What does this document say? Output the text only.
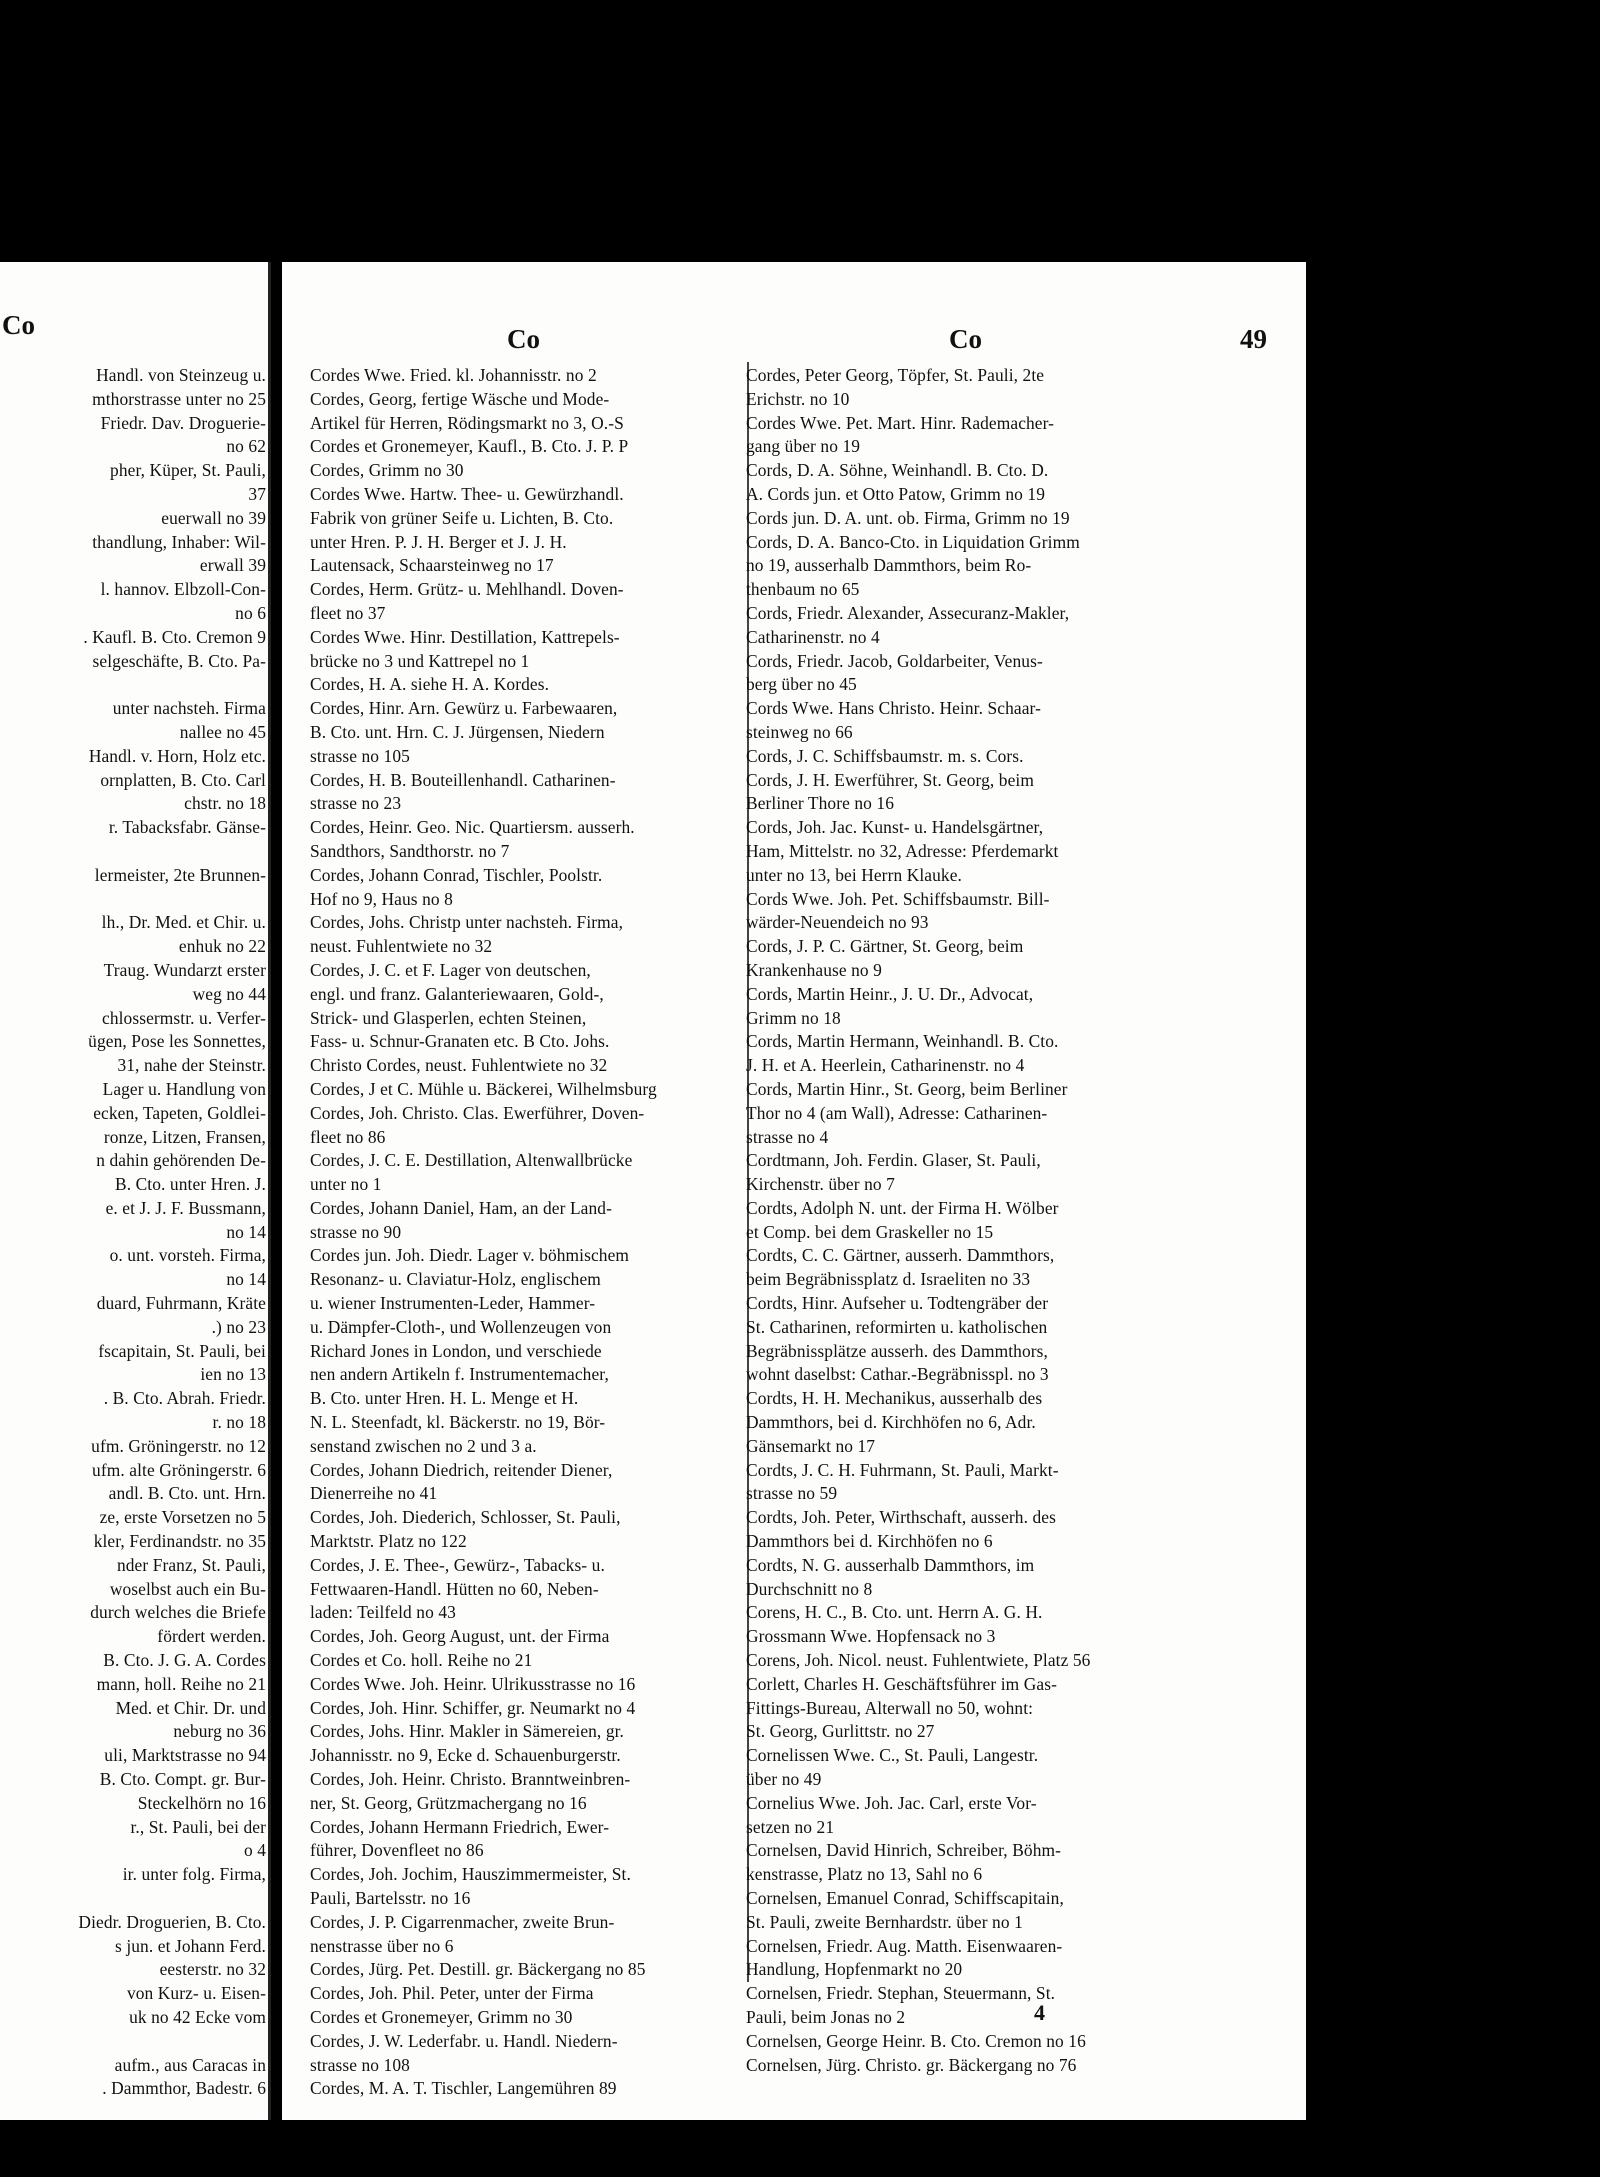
Co
Handl. von Steinzeug u.
mthorstrasse unter no 25
Friedr. Dav. Droguerie-
no 62
pher, Küper, St. Pauli,
37
euerwall no 39
thandlung, Inhaber: Wil-
erwall 39
l. hannov. Elbzoll-Con-
no 6
. Kaufl. B. Cto. Cremon 9
selgeschäfte, B. Cto. Pa-
unter nachsteh. Firma
nallee no 45
Handl. v. Horn, Holz etc.
ornplatten, B. Cto. Carl
chstr. no 18
r. Tabacksfabr. Gänse-
lermeister, 2te Brunnen-
lh., Dr. Med. et Chir. u.
enhuk no 22
Traug. Wundarzt erster
weg no 44
chlossermstr. u. Verfer-
ügen, Pose les Sonnettes,
31, nahe der Steinstr.
Lager u. Handlung von
ecken, Tapeten, Goldlei-
ronze, Litzen, Fransen,
n dahin gehörenden De-
B. Cto. unter Hren. J.
e. et J. J. F. Bussmann,
no 14
o. unt. vorsteh. Firma,
no 14
duard, Fuhrmann, Kräte
.) no 23
fscapitain, St. Pauli, bei
ien no 13
. B. Cto. Abrah. Friedr.
r. no 18
ufm. Gröningerstr. no 12
ufm. alte Gröningerstr. 6
andl. B. Cto. unt. Hrn.
ze, erste Vorsetzen no 5
kler, Ferdinandstr. no 35
nder Franz, St. Pauli,
woselbst auch ein Bu-
durch welches die Briefe
fördert werden.
B. Cto. J. G. A. Cordes
mann, holl. Reihe no 21
Med. et Chir. Dr. und
neburg no 36
uli, Marktstrasse no 94
B. Cto. Compt. gr. Bur-
Steckelhörn no 16
r., St. Pauli, bei der
o 4
ir. unter folg. Firma,
Diedr. Droguerien, B. Cto.
s jun. et Johann Ferd.
eesterstr. no 32
von Kurz- u. Eisen-
uk no 42 Ecke vom
aufm., aus Caracas in
. Dammthor, Badestr. 6
Co	Co	49
Cordes Wwe. Fried. kl. Johannisstr. no 2
Cordes, Georg, fertige Wäsche und Mode-
Artikel für Herren, Rödingsmarkt no 3, O.-S
Cordes et Gronemeyer, Kaufl., B. Cto. J. P. P
Cordes, Grimm no 30
Cordes Wwe. Hartw. Thee- u. Gewürzhandl.
Fabrik von grüner Seife u. Lichten, B. Cto.
unter Hren. P. J. H. Berger et J. J. H.
Lautensack, Schaarsteinweg no 17
Cordes, Herm. Grütz- u. Mehlhandl. Doven-
fleet no 37
Cordes Wwe. Hinr. Destillation, Kattrepels-
brücke no 3 und Kattrepel no 1
Cordes, H. A. siehe H. A. Kordes.
Cordes, Hinr. Arn. Gewürz u. Farbewaaren,
B. Cto. unt. Hrn. C. J. Jürgensen, Niedern
strasse no 105
Cordes, H. B. Bouteillenhandl. Catharinen-
strasse no 23
Cordes, Heinr. Geo. Nic. Quartiersm. ausserh.
Sandthors, Sandthorstr. no 7
Cordes, Johann Conrad, Tischler, Poolstr.
Hof no 9, Haus no 8
Cordes, Johs. Christp unter nachsteh. Firma,
neust. Fuhlentwiete no 32
Cordes, J. C. et F. Lager von deutschen,
engl. und franz. Galanteriewaaren, Gold-,
Strick- und Glasperlen, echten Steinen,
Fass- u. Schnur-Granaten etc. B Cto. Johs.
Christo Cordes, neust. Fuhlentwiete no 32
Cordes, J et C. Mühle u. Bäckerei, Wilhelmsburg
Cordes, Joh. Christo. Clas. Ewerführer, Doven-
fleet no 86
Cordes, J. C. E. Destillation, Altenwallbrücke
unter no 1
Cordes, Johann Daniel, Ham, an der Land-
strasse no 90
Cordes jun. Joh. Diedr. Lager v. böhmischem
Resonanz- u. Claviatur-Holz, englischem
u. wiener Instrumenten-Leder, Hammer-
u. Dämpfer-Cloth-, und Wollenzeugen von
Richard Jones in London, und verschiede
nen andern Artikeln f. Instrumentemacher,
B. Cto. unter Hren. H. L. Menge et H.
N. L. Steenfadt, kl. Bäckerstr. no 19, Bör-
senstand zwischen no 2 und 3 a.
Cordes, Johann Diedrich, reitender Diener,
Dienerreihe no 41
Cordes, Joh. Diederich, Schlosser, St. Pauli,
Marktstr. Platz no 122
Cordes, J. E. Thee-, Gewürz-, Tabacks- u.
Fettwaaren-Handl. Hütten no 60, Neben-
laden: Teilfeld no 43
Cordes, Joh. Georg August, unt. der Firma
Cordes et Co. holl. Reihe no 21
Cordes Wwe. Joh. Heinr. Ulrikusstrasse no 16
Cordes, Joh. Hinr. Schiffer, gr. Neumarkt no 4
Cordes, Johs. Hinr. Makler in Sämereien, gr.
Johannisstr. no 9, Ecke d. Schauenburgerstr.
Cordes, Joh. Heinr. Christo. Branntweinbren-
ner, St. Georg, Grützmachergang no 16
Cordes, Johann Hermann Friedrich, Ewer-
führer, Dovenfleet no 86
Cordes, Joh. Jochim, Hauszimmermeister, St.
Pauli, Bartelsstr. no 16
Cordes, J. P. Cigarrenmacher, zweite Brun-
nenstrasse über no 6
Cordes, Jürg. Pet. Destill. gr. Bäckergang no 85
Cordes, Joh. Phil. Peter, unter der Firma
Cordes et Gronemeyer, Grimm no 30
Cordes, J. W. Lederfabr. u. Handl. Niedern-
strasse no 108
Cordes, M. A. T. Tischler, Langemühren 89
Cordes, Peter Georg, Töpfer, St. Pauli, 2te
Erichstr. no 10
Cordes Wwe. Pet. Mart. Hinr. Rademacher-
gang über no 19
Cords, D. A. Söhne, Weinhandl. B. Cto. D.
A. Cords jun. et Otto Patow, Grimm no 19
Cords jun. D. A. unt. ob. Firma, Grimm no 19
Cords, D. A. Banco-Cto. in Liquidation Grimm
no 19, ausserhalb Dammthors, beim Ro-
thenbaum no 65
Cords, Friedr. Alexander, Assecuranz-Makler,
Catharinenstr. no 4
Cords, Friedr. Jacob, Goldarbeiter, Venus-
berg über no 45
Cords Wwe. Hans Christo. Heinr. Schaar-
steinweg no 66
Cords, J. C. Schiffsbaumstr. m. s. Cors.
Cords, J. H. Ewerführer, St. Georg, beim
Berliner Thore no 16
Cords, Joh. Jac. Kunst- u. Handelsgärtner,
Ham, Mittelstr. no 32, Adresse: Pferdemarkt
unter no 13, bei Herrn Klauke.
Cords Wwe. Joh. Pet. Schiffsbaumstr. Bill-
wärder-Neuendeich no 93
Cords, J. P. C. Gärtner, St. Georg, beim
Krankenhause no 9
Cords, Martin Heinr., J. U. Dr., Advocat,
Grimm no 18
Cords, Martin Hermann, Weinhandl. B. Cto.
J. H. et A. Heerlein, Catharinenstr. no 4
Cords, Martin Hinr., St. Georg, beim Berliner
Thor no 4 (am Wall), Adresse: Catharinen-
strasse no 4
Cordtmann, Joh. Ferdin. Glaser, St. Pauli,
Kirchenstr. über no 7
Cordts, Adolph N. unt. der Firma H. Wölber
et Comp. bei dem Graskeller no 15
Cordts, C. C. Gärtner, ausserh. Dammthors,
beim Begräbnissplatz d. Israeliten no 33
Cordts, Hinr. Aufseher u. Todtengräber der
St. Catharinen, reformirten u. katholischen
Begräbnissplätze ausserh. des Dammthors,
wohnt daselbst: Cathar.-Begräbnisspl. no 3
Cordts, H. H. Mechanikus, ausserhalb des
Dammthors, bei d. Kirchhöfen no 6, Adr.
Gänsemarkt no 17
Cordts, J. C. H. Fuhrmann, St. Pauli, Markt-
strasse no 59
Cordts, Joh. Peter, Wirthschaft, ausserh. des
Dammthors bei d. Kirchhöfen no 6
Cordts, N. G. ausserhalb Dammthors, im
Durchschnitt no 8
Corens, H. C., B. Cto. unt. Herrn A. G. H.
Grossmann Wwe. Hopfensack no 3
Corens, Joh. Nicol. neust. Fuhlentwiete, Platz 56
Corlett, Charles H. Geschäftsführer im Gas-
Fittings-Bureau, Alterwall no 50, wohnt:
St. Georg, Gurlittstr. no 27
Cornelissen Wwe. C., St. Pauli, Langestr.
über no 49
Cornelius Wwe. Joh. Jac. Carl, erste Vor-
setzen no 21
Cornelsen, David Hinrich, Schreiber, Böhm-
kenstrasse, Platz no 13, Sahl no 6
Cornelsen, Emanuel Conrad, Schiffscapitain,
St. Pauli, zweite Bernhardstr. über no 1
Cornelsen, Friedr. Aug. Matth. Eisenwaaren-
Handlung, Hopfenmarkt no 20
Cornelsen, Friedr. Stephan, Steuermann, St.
Pauli, beim Jonas no 2
Cornelsen, George Heinr. B. Cto. Cremon no 16
Cornelsen, Jürg. Christo. gr. Bäckergang no 76
4
